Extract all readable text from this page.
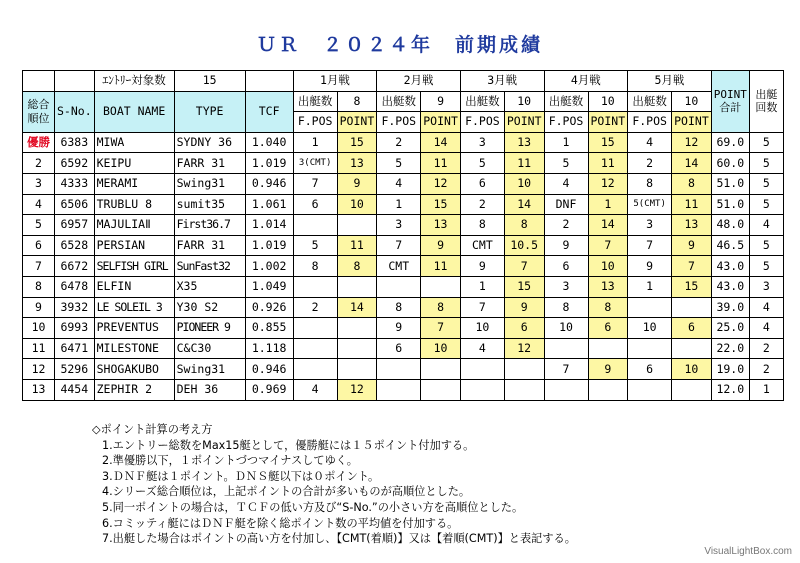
ＵＲ　２０２４年　前期成績
		ｴﾝﾄﾘｰ対象数	15		1月戦		2月戦		3月戦		4月戦		5月戦		POINT合計	出艇回数
総合順位	S-No.	BOAT NAME	TYPE	TCF	出艇数	8	出艇数	9	出艇数	10	出艇数	10	出艇数	10		
					F.POS	POINT	F.POS	POINT	F.POS	POINT	F.POS	POINT	F.POS	POINT		
優勝	6383	MIWA	SYDNY 36	1.040	1	15	2	14	3	13	1	15	4	12	69.0	5
2	6592	KEIPU	FARR 31	1.019	3(CMT)	13	5	11	5	11	5	11	2	14	60.0	5
3	4333	MERAMI	Swing31	0.946	7	9	4	12	6	10	4	12	8	8	51.0	5
4	6506	TRUBLU 8	sumit35	1.061	6	10	1	15	2	14	DNF	1	5(CMT)	11	51.0	5
5	6957	MAJULIAⅡ	First36.7	1.014			3	13	8	8	2	14	3	13	48.0	4
6	6528	PERSIAN	FARR 31	1.019	5	11	7	9	CMT	10.5	9	7	7	9	46.5	5
7	6672	SELFISH GIRL	SunFast32	1.002	8	8	CMT	11	9	7	6	10	9	7	43.0	5
8	6478	ELFIN	X35	1.049					1	15	3	13	1	15	43.0	3
9	3932	LE SOLEIL 3	Y30 S2	0.926	2	14	8	8	7	9	8	8			39.0	4
10	6993	PREVENTUS	PIONEER 9	0.855			9	7	10	6	10	6	10	6	25.0	4
11	6471	MILESTONE	C&C30	1.118			6	10	4	12					22.0	2
12	5296	SHOGAKUBO	Swing31	0.946							7	9	6	10	19.0	2
13	4454	ZEPHIR 2	DEH 36	0.969	4	12									12.0	1
◇ポイント計算の考え方
1.エントリー総数をMax15艇として，優勝艇には１５ポイント付加する。
2.準優勝以下，１ポイントづつマイナスしてゆく。
3.ＤＮＦ艇は１ポイント。ＤＮＳ艇以下は０ポイント。
4.シリーズ総合順位は，上記ポイントの合計が多いものが高順位とした。
5.同一ポイントの場合は，ＴＣＦの低い方及び“S-No.”の小さい方を高順位とした。
6.コミッティ艇にはＤＮＦ艇を除く総ポイント数の平均値を付加する。
7.出艇した場合はポイントの高い方を付加し、【CMT(着順)】又は【着順(CMT)】と表記する。
VisualLightBox.com
